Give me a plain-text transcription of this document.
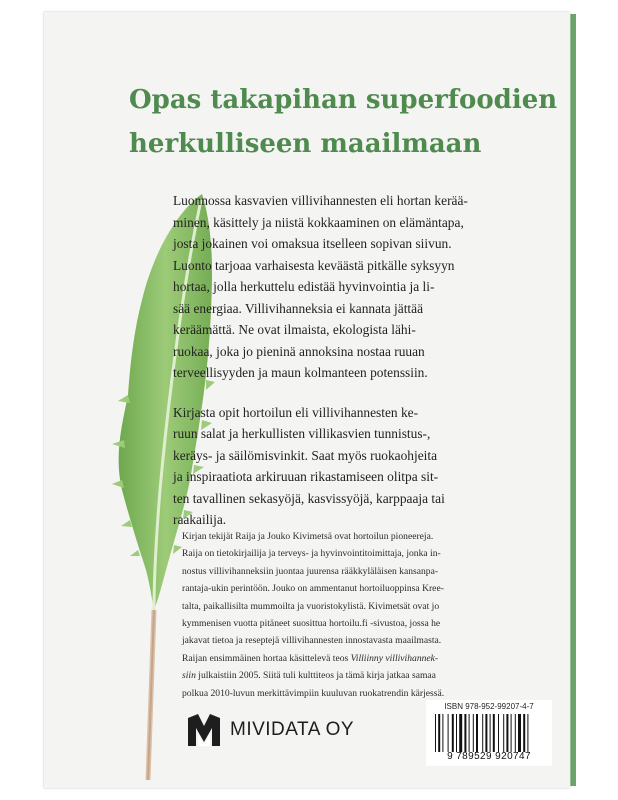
Opas takapihan superfoodien
herkulliseen maailmaan
Luonnossa kasvavien villivihannesten eli hortan kerää-
minen, käsittely ja niistä kokkaaminen on elämäntapa,
josta jokainen voi omaksua itselleen sopivan siivun.
Luonto tarjoaa varhaisesta keväästä pitkälle syksyyn
hortaa, jolla herkuttelu edistää hyvinvointia ja li-
sää energiaa. Villivihanneksia ei kannata jättää
keräämättä. Ne ovat ilmaista, ekologista lähi-
ruokaa, joka jo pieninä annoksina nostaa ruuan
terveellisyyden ja maun kolmanteen potenssiin.
Kirjasta opit hortoilun eli villivihannesten ke-
ruun salat ja herkullisten villikasvien tunnistus-,
keräys- ja säilömisvinkit. Saat myös ruokaohjeita
ja inspiraatiota arkiruuan rikastamiseen olitpa sit-
ten tavallinen sekasyöjä, kasvissyöjä, karppaaja tai
raakailija.
Kirjan tekijät Raija ja Jouko Kivimetsä ovat hortoilun pioneereja.
Raija on tietokirjailija ja terveys- ja hyvinvointitoimittaja, jonka in-
nostus villivihanneksiin juontaa juurensa rääkkyläläisen kansanpa-
rantaja-ukin perintöön. Jouko on ammentanut hortoiluoppinsa Kree-
talta, paikallisilta mummoilta ja vuoristokylistä. Kivimetsät ovat jo
kymmenisen vuotta pitäneet suosittua hortoilu.fi -sivustoa, jossa he
jakavat tietoa ja reseptejä villivihannesten innostavasta maailmasta.
Raijan ensimmäinen hortaa käsittelevä teos Villiinny villivihannek-
siin julkaistiin 2005. Siitä tuli kulttiteos ja tämä kirja jatkaa samaa
polkua 2010-luvun merkittävimpiin kuuluvan ruokatrendin kärjessä.
MIVIDATA OY
ISBN 978-952-99207-4-7
9 789529 920747
